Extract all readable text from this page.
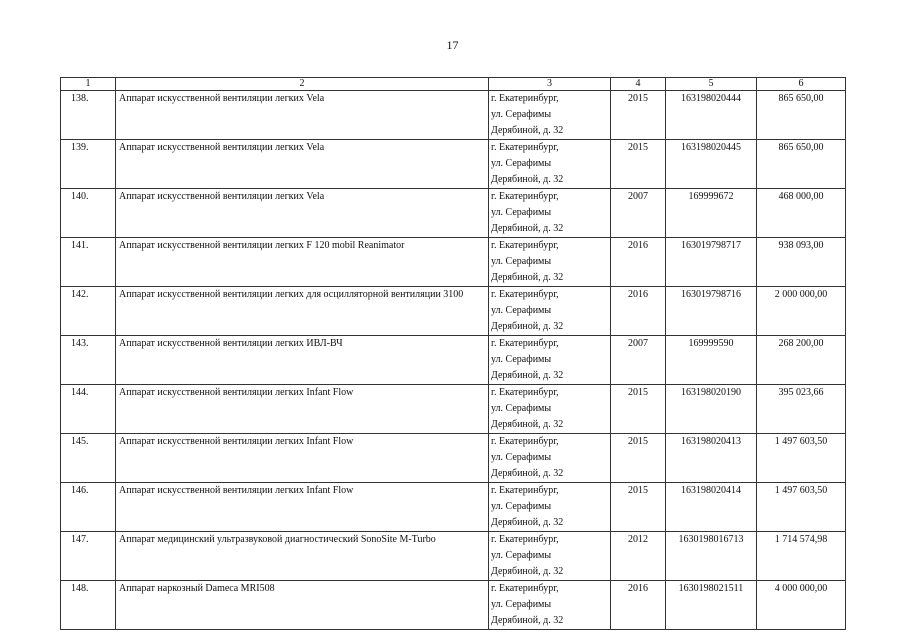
17
1	2	3	4	5	6
138.	Аппарат искусственной вентиляции легких Vela	г. Екатеринбург,
ул. Серафимы
Дерябиной, д. 32	2015	163198020444	865 650,00
139.	Аппарат искусственной вентиляции легких Vela	г. Екатеринбург,
ул. Серафимы
Дерябиной, д. 32	2015	163198020445	865 650,00
140.	Аппарат искусственной вентиляции легких Vela	г. Екатеринбург,
ул. Серафимы
Дерябиной, д. 32	2007	169999672	468 000,00
141.	Аппарат искусственной вентиляции легких F 120 mobil Reanimator	г. Екатеринбург,
ул. Серафимы
Дерябиной, д. 32	2016	163019798717	938 093,00
142.	Аппарат искусственной вентиляции легких для осцилляторной вентиляции 3100	г. Екатеринбург,
ул. Серафимы
Дерябиной, д. 32	2016	163019798716	2 000 000,00
143.	Аппарат искусственной вентиляции легких ИВЛ-ВЧ	г. Екатеринбург,
ул. Серафимы
Дерябиной, д. 32	2007	169999590	268 200,00
144.	Аппарат искусственной вентиляции легких Infant Flow	г. Екатеринбург,
ул. Серафимы
Дерябиной, д. 32	2015	163198020190	395 023,66
145.	Аппарат искусственной вентиляции легких Infant Flow	г. Екатеринбург,
ул. Серафимы
Дерябиной, д. 32	2015	163198020413	1 497 603,50
146.	Аппарат искусственной вентиляции легких Infant Flow	г. Екатеринбург,
ул. Серафимы
Дерябиной, д. 32	2015	163198020414	1 497 603,50
147.	Аппарат медицинский ультразвуковой диагностический SonoSite M-Turbo	г. Екатеринбург,
ул. Серафимы
Дерябиной, д. 32	2012	1630198016713	1 714 574,98
148.	Аппарат наркозный Dameca MRI508	г. Екатеринбург,
ул. Серафимы
Дерябиной, д. 32	2016	1630198021511	4 000 000,00
